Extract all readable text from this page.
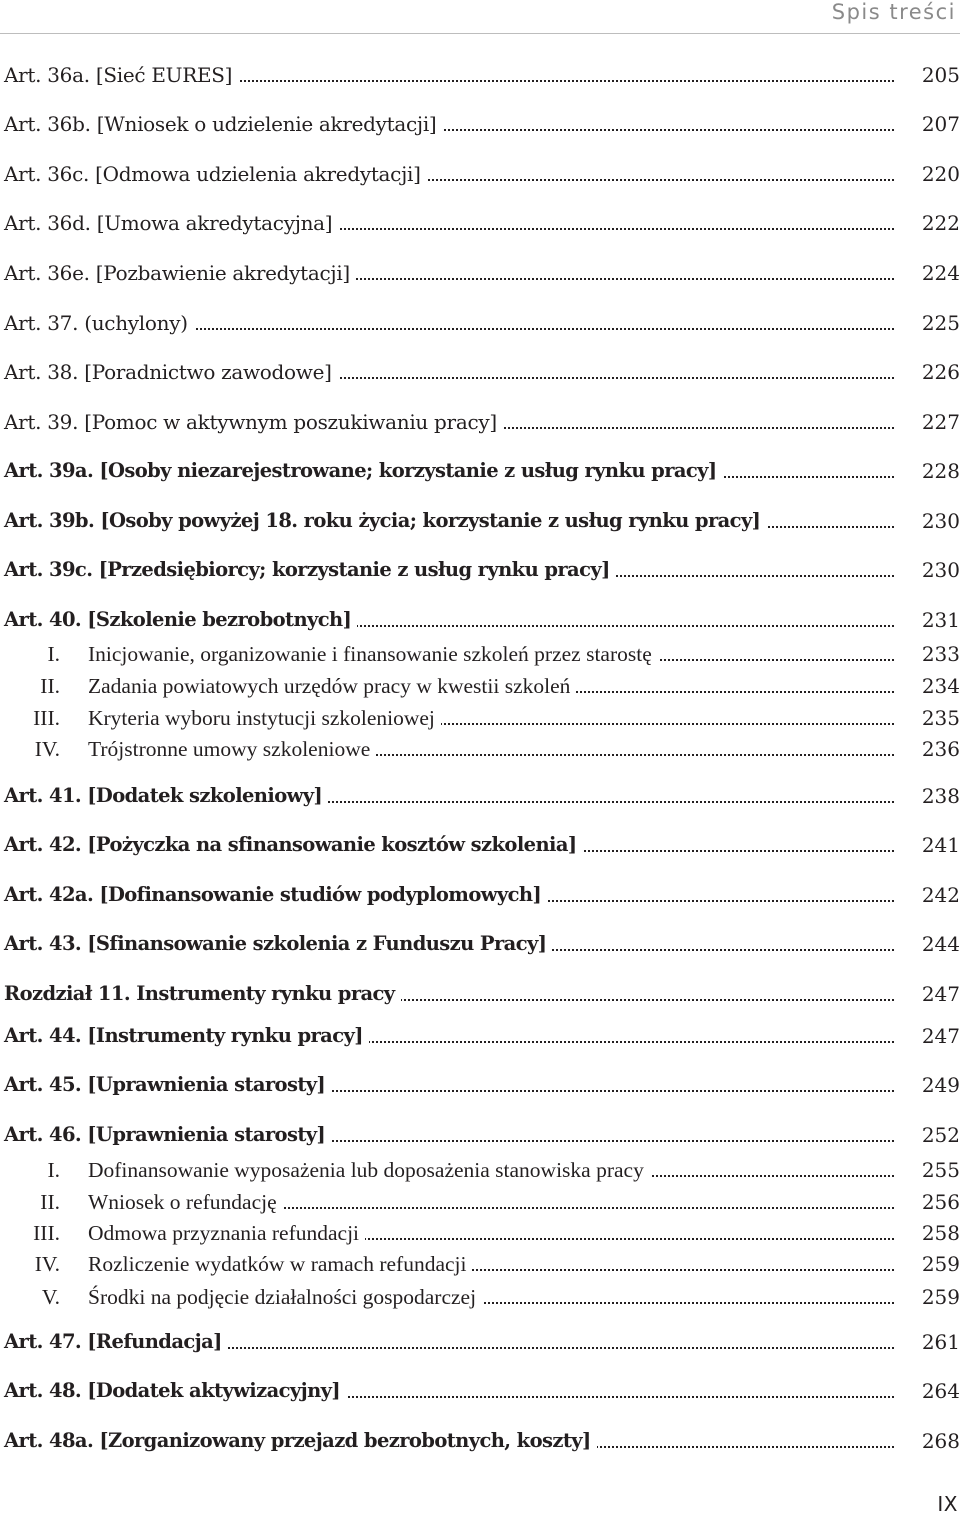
Spis treści
Art. 36a. [Sieć EURES]	205
Art. 36b. [Wniosek o udzielenie akredytacji]	207
Art. 36c. [Odmowa udzielenia akredytacji]	220
Art. 36d. [Umowa akredytacyjna]	222
Art. 36e. [Pozbawienie akredytacji]	224
Art. 37. (uchylony)	225
Art. 38. [Poradnictwo zawodowe]	226
Art. 39. [Pomoc w aktywnym poszukiwaniu pracy]	227
Art. 39a. [Osoby niezarejestrowane; korzystanie z usług rynku pracy]	228
Art. 39b. [Osoby powyżej 18. roku życia; korzystanie z usług rynku pracy]	230
Art. 39c. [Przedsiębiorcy; korzystanie z usług rynku pracy]	230
Art. 40. [Szkolenie bezrobotnych]	231
I. Inicjowanie, organizowanie i finansowanie szkoleń przez starostę	233
II. Zadania powiatowych urzędów pracy w kwestii szkoleń	234
III. Kryteria wyboru instytucji szkoleniowej	235
IV. Trójstronne umowy szkoleniowe	236
Art. 41. [Dodatek szkoleniowy]	238
Art. 42. [Pożyczka na sfinansowanie kosztów szkolenia]	241
Art. 42a. [Dofinansowanie studiów podyplomowych]	242
Art. 43. [Sfinansowanie szkolenia z Funduszu Pracy]	244
Rozdział 11. Instrumenty rynku pracy	247
Art. 44. [Instrumenty rynku pracy]	247
Art. 45. [Uprawnienia starosty]	249
Art. 46. [Uprawnienia starosty]	252
I. Dofinansowanie wyposażenia lub doposażenia stanowiska pracy	255
II. Wniosek o refundację	256
III. Odmowa przyznania refundacji	258
IV. Rozliczenie wydatków w ramach refundacji	259
V. Środki na podjęcie działalności gospodarczej	259
Art. 47. [Refundacja]	261
Art. 48. [Dodatek aktywizacyjny]	264
Art. 48a. [Zorganizowany przejazd bezrobotnych, koszty]	268
IX
